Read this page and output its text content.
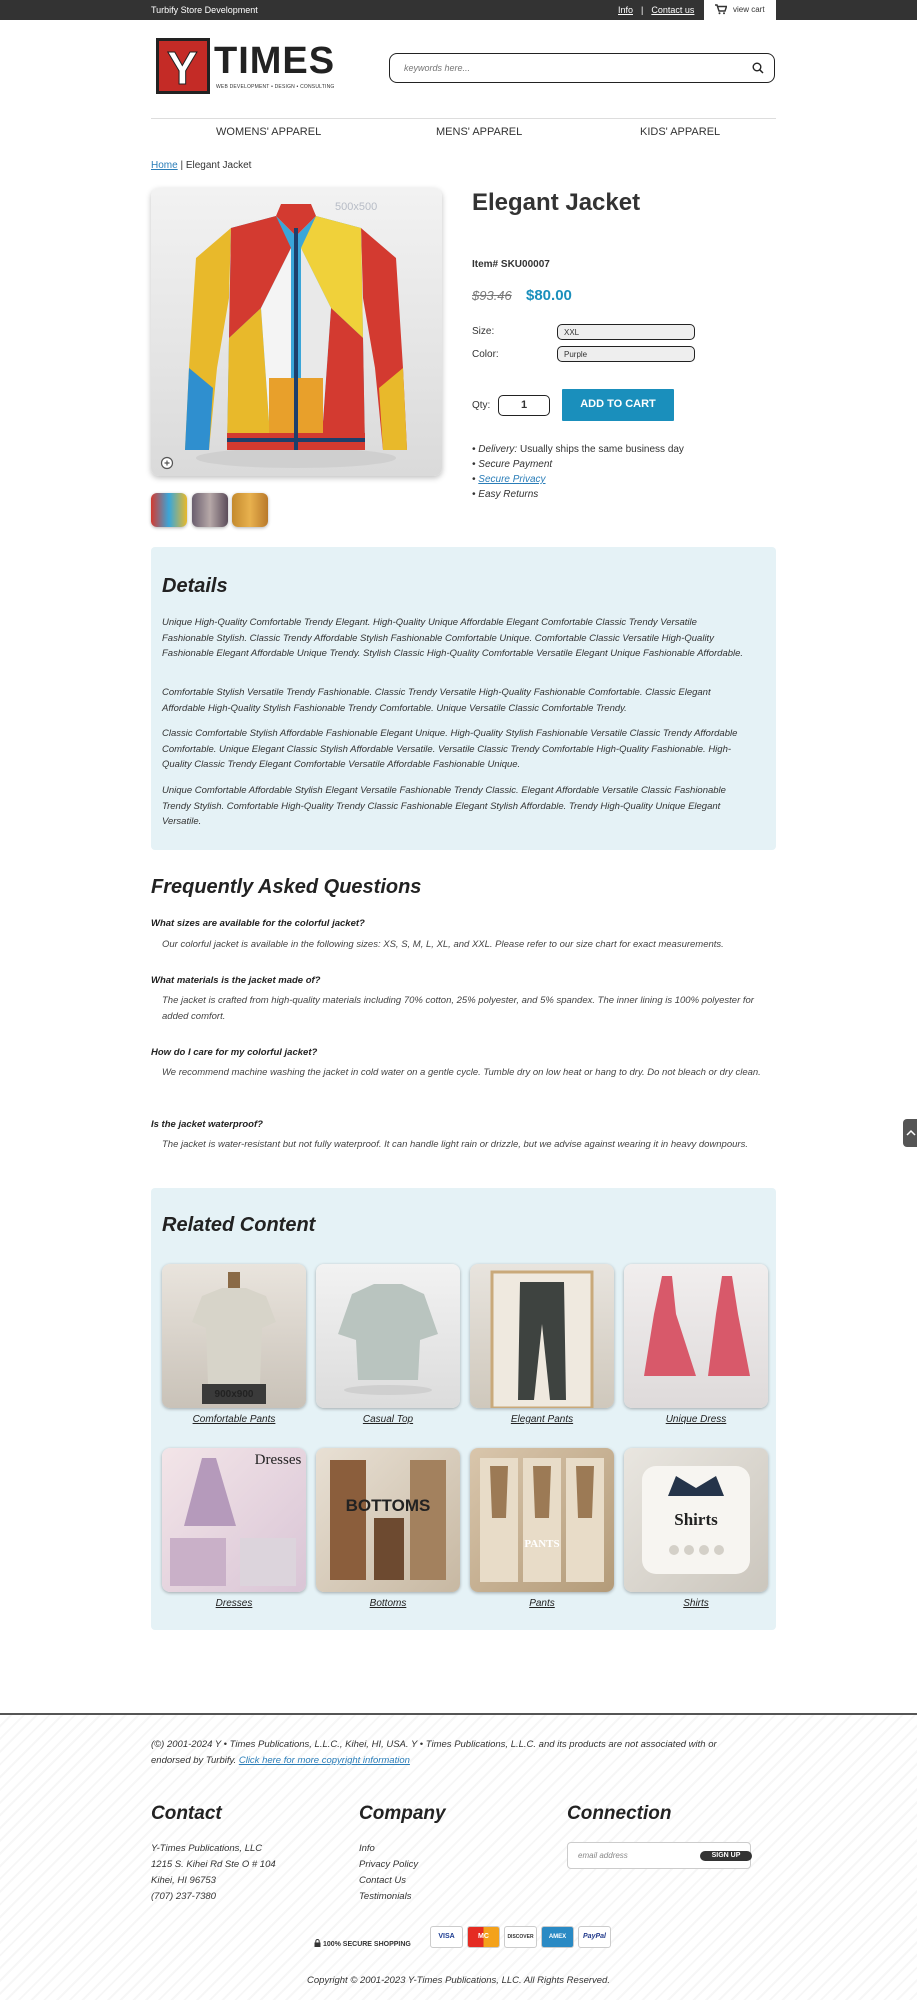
Turbify Store Development	Info | Contact us	view cart
Y TIMES
WEB DEVELOPMENT • DESIGN • CONSULTING
keywords here...
WOMENS' APPAREL	MENS' APPAREL	KIDS' APPAREL
Home | Elegant Jacket
500x500	Elegant Jacket
Item# SKU00007
$93.46 $80.00
Size:	XXL
Color:	Purple
Qty:	1	ADD TO CART
• Delivery: Usually ships the same business day
• Secure Payment
• Secure Privacy
• Easy Returns
Details

Unique High-Quality Comfortable Trendy Elegant. High-Quality Unique Affordable Elegant Comfortable Classic Trendy Versatile Fashionable Stylish. Classic Trendy Affordable Stylish Fashionable Comfortable Unique. Comfortable Classic Versatile High-Quality Fashionable Elegant Affordable Unique Trendy. Stylish Classic High-Quality Comfortable Versatile Elegant Unique Fashionable Affordable.

Comfortable Stylish Versatile Trendy Fashionable. Classic Trendy Versatile High-Quality Fashionable Comfortable. Classic Elegant Affordable High-Quality Stylish Fashionable Trendy Comfortable. Unique Versatile Classic Comfortable Trendy.

Classic Comfortable Stylish Affordable Fashionable Elegant Unique. High-Quality Stylish Fashionable Versatile Classic Trendy Affordable Comfortable. Unique Elegant Classic Stylish Affordable Versatile. Versatile Classic Trendy Comfortable High-Quality Fashionable. High-Quality Classic Trendy Elegant Comfortable Versatile Affordable Fashionable Unique.

Unique Comfortable Affordable Stylish Elegant Versatile Fashionable Trendy Classic. Elegant Affordable Versatile Classic Fashionable Trendy Stylish. Comfortable High-Quality Trendy Classic Fashionable Elegant Stylish Affordable. Trendy High-Quality Unique Elegant Versatile.

Frequently Asked Questions
What sizes are available for the colorful jacket?

Our colorful jacket is available in the following sizes: XS, S, M, L, XL, and XXL. Please refer to our size chart for exact measurements.

What materials is the jacket made of?

The jacket is crafted from high-quality materials including 70% cotton, 25% polyester, and 5% spandex. The inner lining is 100% polyester for added comfort.

How do I care for my colorful jacket?

We recommend machine washing the jacket in cold water on a gentle cycle. Tumble dry on low heat or hang to dry. Do not bleach or dry clean.

Is the jacket waterproof?

The jacket is water-resistant but not fully waterproof. It can handle light rain or drizzle, but we advise against wearing it in heavy downpours.

Related Content
900x900
Comfortable Pants	Casual Top	Elegant Pants	Unique Dress
Dresses
BOTTOMS
PANTS
Shirts
Dresses	Bottoms	Pants	Shirts

(©) 2001-2024 Y • Times Publications, L.L.C., Kihei, HI, USA. Y • Times Publications, L.L.C. and its products are not associated with or endorsed by Turbify. Click here for more copyright information

Contact
Y-Times Publications, LLC
1215 S. Kihei Rd Ste O # 104
Kihei, HI 96753
(707) 237-7380
Company
Info
Privacy Policy
Contact Us
Testimonials
Connection
email address	SIGN UP
100% SECURE SHOPPING
VISA	MC	DISCOVER	AMEX	PayPal
Copyright © 2001-2023 Y-Times Publications, LLC. All Rights Reserved.
